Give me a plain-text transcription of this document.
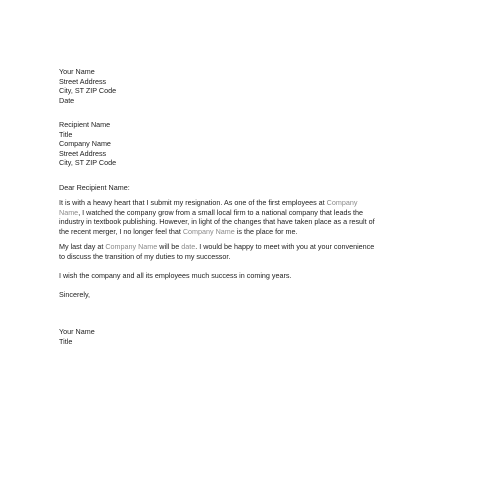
Your Name
Street Address
City, ST ZIP Code
Date
Recipient Name
Title
Company Name
Street Address
City, ST ZIP Code
Dear Recipient Name:
It is with a heavy heart that I submit my resignation. As one of the first employees at Company
Name, I watched the company grow from a small local firm to a national company that leads the
industry in textbook publishing. However, in light of the changes that have taken place as a result of
the recent merger, I no longer feel that Company Name is the place for me.
My last day at Company Name will be date. I would be happy to meet with you at your convenience
to discuss the transition of my duties to my successor.
I wish the company and all its employees much success in coming years.
Sincerely,
Your Name
Title
